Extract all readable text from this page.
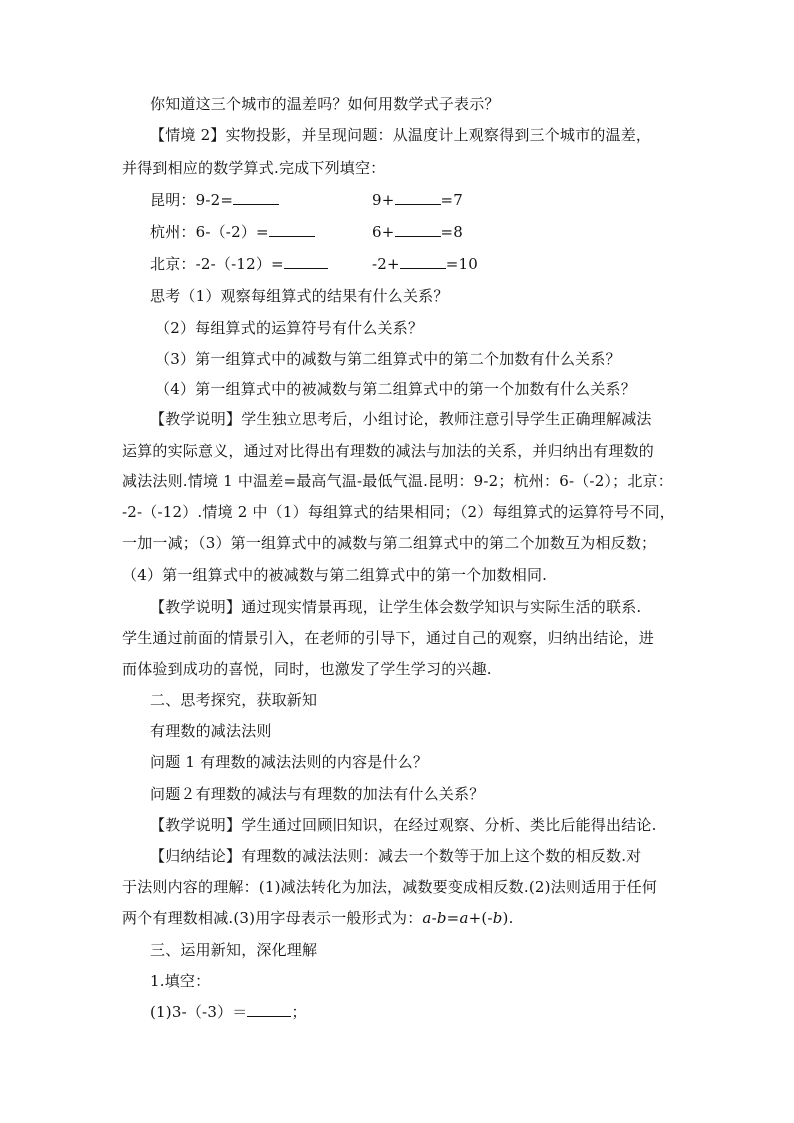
你知道这三个城市的温差吗？如何用数学式子表示？
【情境 2】实物投影，并呈现问题：从温度计上观察得到三个城市的温差，
并得到相应的数学算式.完成下列填空：
昆明：9-2=	9+	=7
杭州：6-（-2）=	6+	=8
北京：-2-（-12）=	-2+	=10
思考（1）观察每组算式的结果有什么关系？
（2）每组算式的运算符号有什么关系？
（3）第一组算式中的减数与第二组算式中的第二个加数有什么关系？
（4）第一组算式中的被减数与第二组算式中的第一个加数有什么关系？
【教学说明】学生独立思考后，小组讨论，教师注意引导学生正确理解减法
运算的实际意义，通过对比得出有理数的减法与加法的关系，并归纳出有理数的
减法法则.情境 1 中温差=最高气温-最低气温.昆明：9-2；杭州：6-（-2）；北京：
-2-（-12）.情境 2 中（1）每组算式的结果相同；（2）每组算式的运算符号不同，
一加一减；（3）第一组算式中的减数与第二组算式中的第二个加数互为相反数；
（4）第一组算式中的被减数与第二组算式中的第一个加数相同.
【教学说明】通过现实情景再现，让学生体会数学知识与实际生活的联系.
学生通过前面的情景引入，在老师的引导下，通过自己的观察，归纳出结论，进
而体验到成功的喜悦，同时，也激发了学生学习的兴趣.
二、思考探究，获取新知
有理数的减法法则
问题 1 有理数的减法法则的内容是什么？
问题２有理数的减法与有理数的加法有什么关系？
【教学说明】学生通过回顾旧知识，在经过观察、分析、类比后能得出结论.
【归纳结论】有理数的减法法则：减去一个数等于加上这个数的相反数.对
于法则内容的理解：(1)减法转化为加法，减数要变成相反数.(2)法则适用于任何
两个有理数相减.(3)用字母表示一般形式为：a-b=a+(-b).
三、运用新知，深化理解
1.填空：
(1)3-（-3）＝	；
